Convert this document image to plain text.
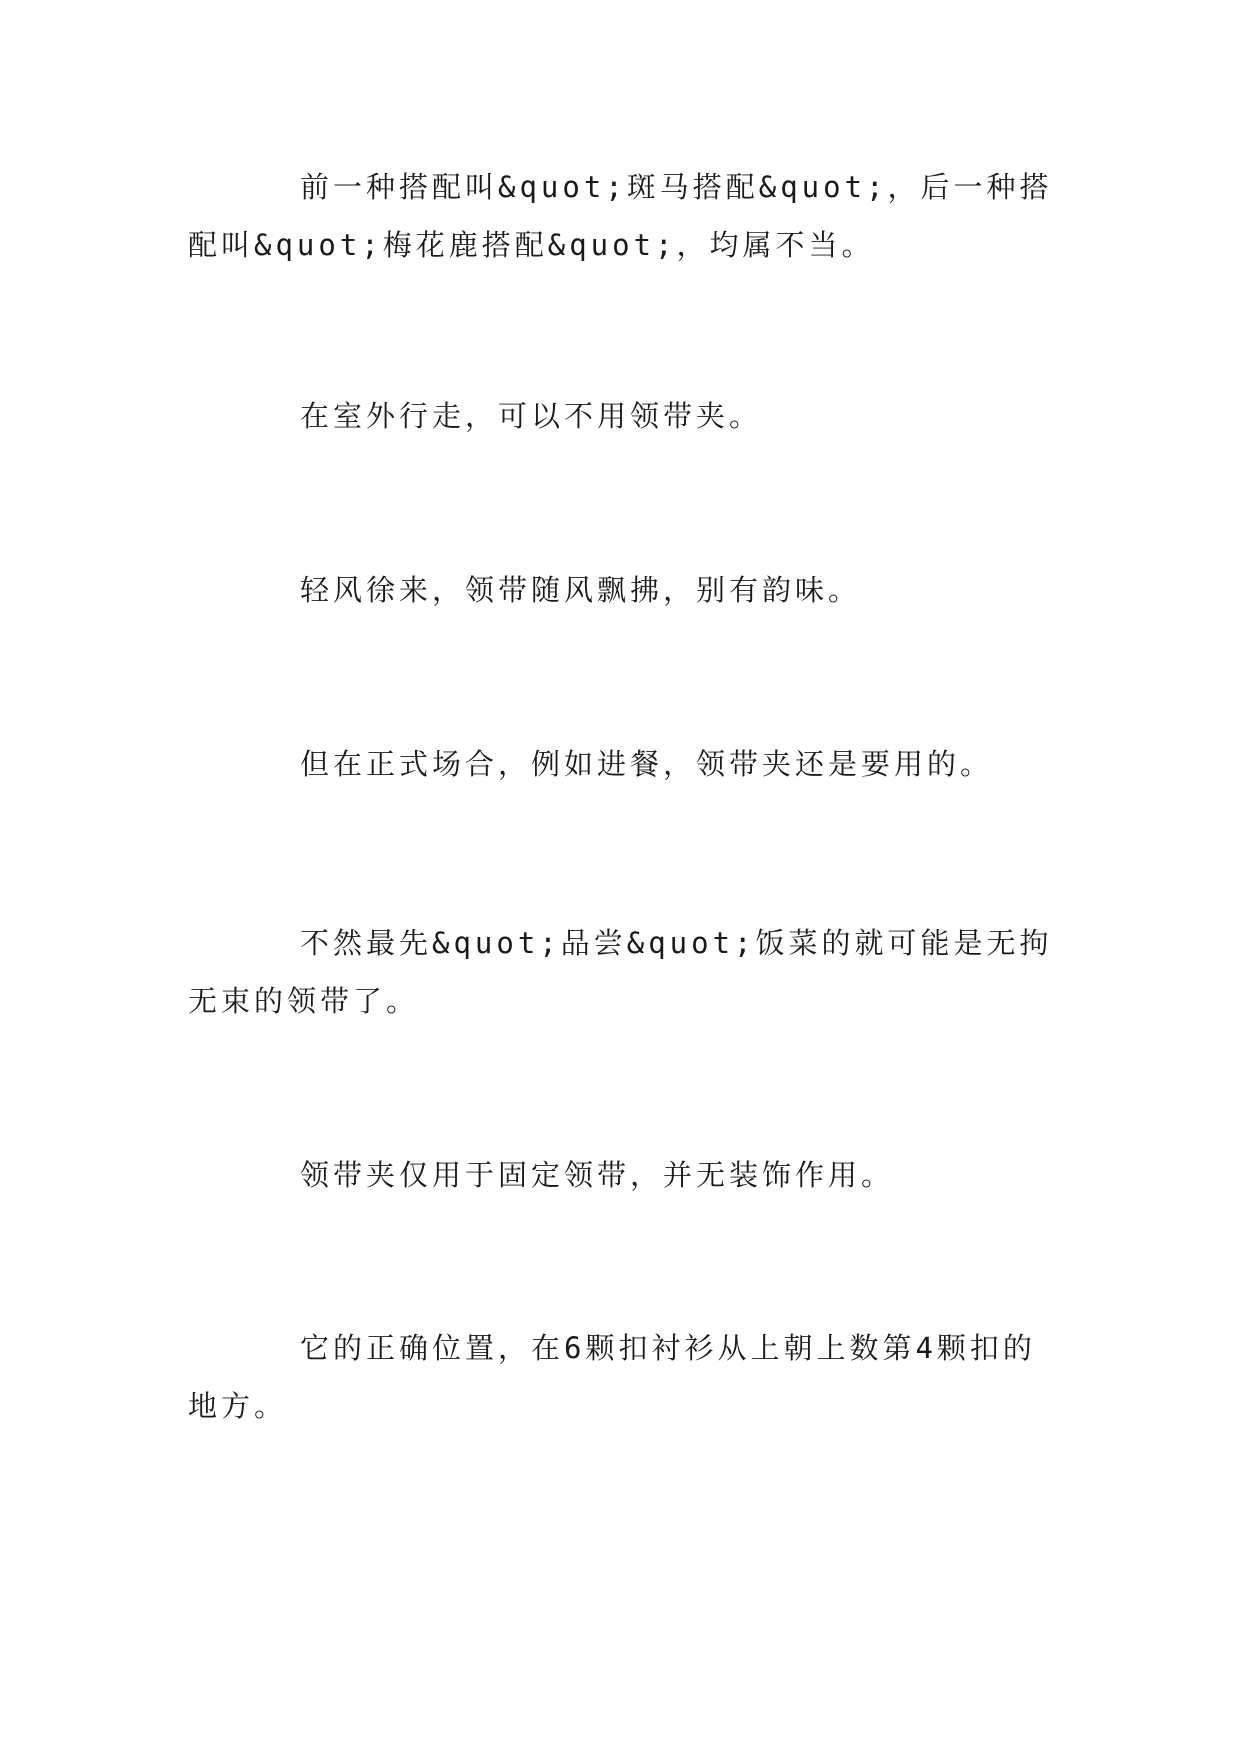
前一种搭配叫&quot;斑马搭配&quot;，后一种搭配叫&quot;梅花鹿搭配&quot;，均属不当。

在室外行走，可以不用领带夹。

轻风徐来，领带随风飘拂，别有韵味。

但在正式场合，例如进餐，领带夹还是要用的。

不然最先&quot;品尝&quot;饭菜的就可能是无拘无束的领带了。

领带夹仅用于固定领带，并无装饰作用。

它的正确位置，在6颗扣衬衫从上朝上数第4颗扣的地方。
